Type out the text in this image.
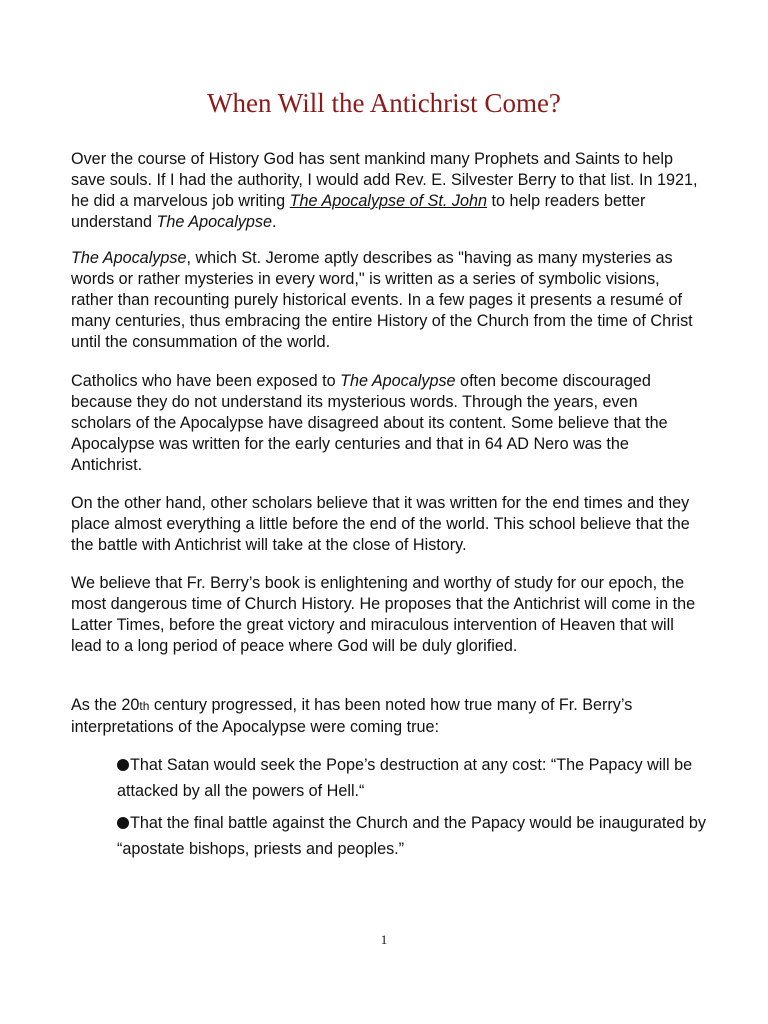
When Will the Antichrist Come?

Over the course of History God has sent mankind many Prophets and Saints to help save souls. If I had the authority, I would add Rev. E. Silvester Berry to that list. In 1921, he did a marvelous job writing The Apocalypse of St. John to help readers better understand The Apocalypse.

The Apocalypse, which St. Jerome aptly describes as "having as many mysteries as words or rather mysteries in every word," is written as a series of symbolic visions, rather than recounting purely historical events. In a few pages it presents a resumé of many centuries, thus embracing the entire History of the Church from the time of Christ until the consummation of the world.

Catholics who have been exposed to The Apocalypse often become discouraged because they do not understand its mysterious words. Through the years, even scholars of the Apocalypse have disagreed about its content. Some believe that the Apocalypse was written for the early centuries and that in 64 AD Nero was the Antichrist.

On the other hand, other scholars believe that it was written for the end times and they place almost everything a little before the end of the world. This school believe that the the battle with Antichrist will take at the close of History.

We believe that Fr. Berry’s book is enlightening and worthy of study for our epoch, the most dangerous time of Church History. He proposes that the Antichrist will come in the Latter Times, before the great victory and miraculous intervention of Heaven that will lead to a long period of peace where God will be duly glorified.

As the 20th century progressed, it has been noted how true many of Fr. Berry’s interpretations of the Apocalypse were coming true:

That Satan would seek the Pope’s destruction at any cost: “The Papacy will be attacked by all the powers of Hell.“

That the final battle against the Church and the Papacy would be inaugurated by “apostate bishops, priests and peoples.”

1
